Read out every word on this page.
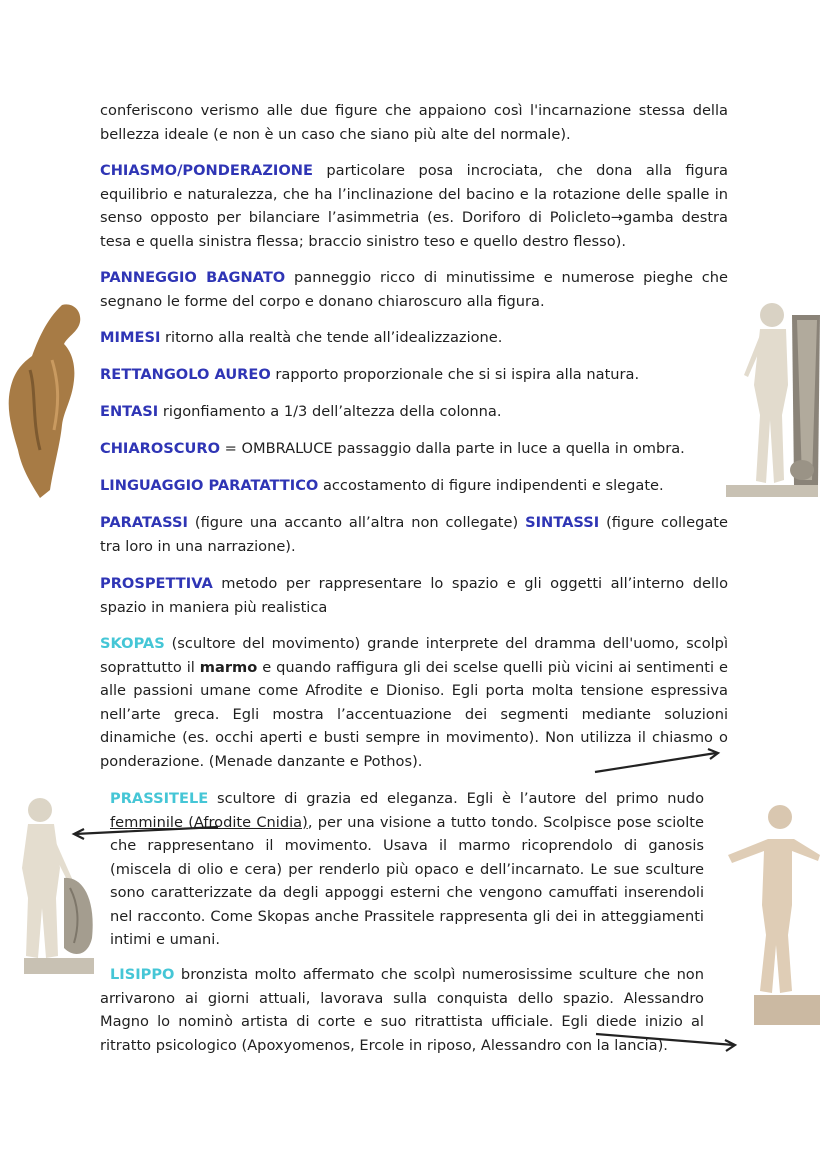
conferiscono verismo alle due figure che appaiono così l'incarnazione stessa della bellezza ideale (e non è un caso che siano più alte del normale).

CHIASMO/PONDERAZIONE particolare posa incrociata, che dona alla figura equilibrio e naturalezza, che ha l’inclinazione del bacino e la rotazione delle spalle in senso opposto per bilanciare l’asimmetria (es. Doriforo di Policleto→gamba destra tesa e quella sinistra flessa; braccio sinistro teso e quello destro flesso).

PANNEGGIO BAGNATO panneggio ricco di minutissime e numerose pieghe che segnano le forme del corpo e donano chiaroscuro alla figura.

MIMESI ritorno alla realtà che tende all’idealizzazione.

RETTANGOLO AUREO rapporto proporzionale che si si ispira alla natura.

ENTASI rigonfiamento a 1/3 dell’altezza della colonna.

CHIAROSCURO = OMBRALUCE passaggio dalla parte in luce a quella in ombra.

LINGUAGGIO PARATATTICO accostamento di figure indipendenti e slegate.

PARATASSI (figure una accanto all’altra non collegate) SINTASSI (figure collegate tra loro in una narrazione).

PROSPETTIVA metodo per rappresentare lo spazio e gli oggetti all’interno dello spazio in maniera più realistica

SKOPAS (scultore del movimento) grande interprete del dramma dell'uomo, scolpì soprattutto il marmo e quando raffigura gli dei scelse quelli più vicini ai sentimenti e alle passioni umane come Afrodite e Dioniso. Egli porta molta tensione espressiva nell’arte greca. Egli mostra l’accentuazione dei segmenti mediante soluzioni dinamiche (es. occhi aperti e busti sempre in movimento). Non utilizza il chiasmo o ponderazione. (Menade danzante e Pothos).

PRASSITELE scultore di grazia ed eleganza. Egli è l’autore del primo nudo femminile (Afrodite Cnidia), per una visione a tutto tondo. Scolpisce pose sciolte che rappresentano il movimento. Usava il marmo ricoprendolo di ganosis (miscela di olio e cera) per renderlo più opaco e dell’incarnato. Le sue sculture sono caratterizzate da degli appoggi esterni che vengono camuffati inserendoli nel racconto. Come Skopas anche Prassitele rappresenta gli dei in atteggiamenti intimi e umani.

LISIPPO bronzista molto affermato che scolpì numerosissime sculture che non arrivarono ai giorni attuali, lavorava sulla conquista dello spazio. Alessandro Magno lo nominò artista di corte e suo ritrattista ufficiale. Egli diede inizio al ritratto psicologico (Apoxyomenos, Ercole in riposo, Alessandro con la lancia).
